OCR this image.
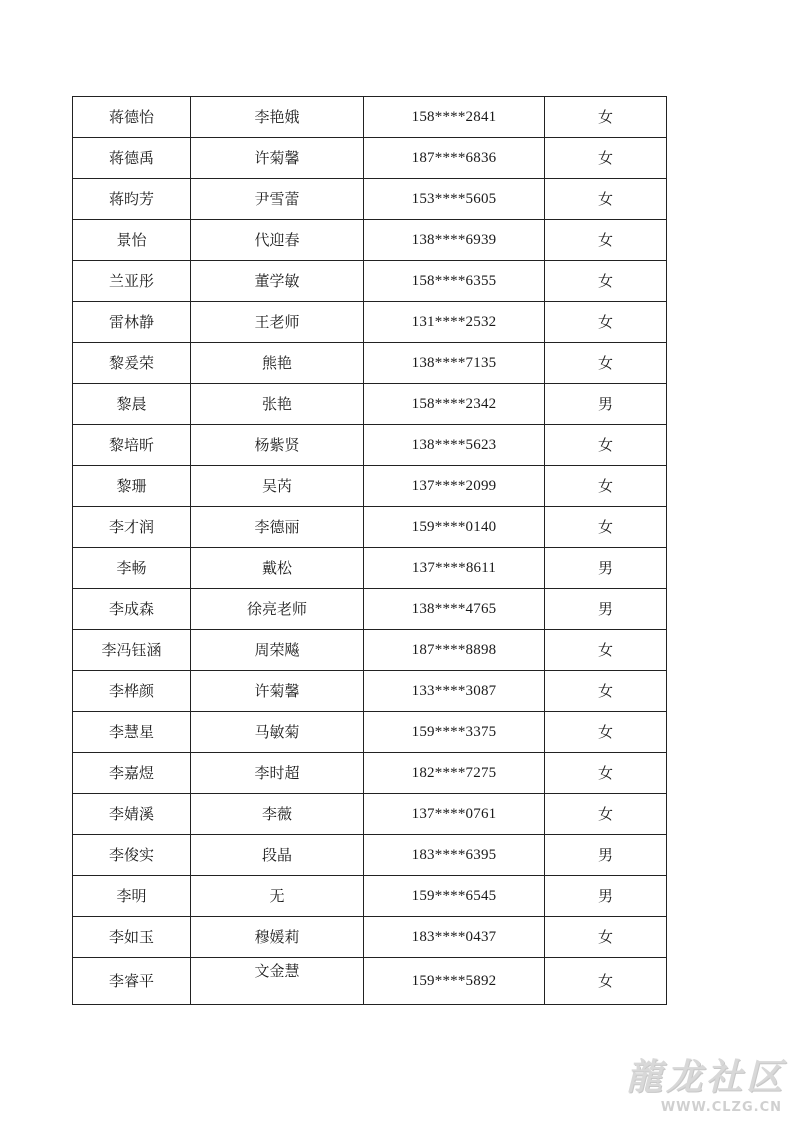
蒋德怡	李艳娥	158****2841	女
蒋德禹	许菊馨	187****6836	女
蒋昀芳	尹雪蕾	153****5605	女
景怡	代迎春	138****6939	女
兰亚彤	董学敏	158****6355	女
雷林静	王老师	131****2532	女
黎爰荣	熊艳	138****7135	女
黎晨	张艳	158****2342	男
黎培昕	杨紫贤	138****5623	女
黎珊	吴芮	137****2099	女
李才润	李德丽	159****0140	女
李畅	戴松	137****8611	男
李成森	徐亮老师	138****4765	男
李冯钰涵	周荣飚	187****8898	女
李桦颜	许菊馨	133****3087	女
李慧星	马敏菊	159****3375	女
李嘉煜	李时超	182****7275	女
李婧溪	李薇	137****0761	女
李俊实	段晶	183****6395	男
李明	无	159****6545	男
李如玉	穆媛莉	183****0437	女
李睿平	文金慧	159****5892	女
龍龙社区
WWW.CLZG.CN
